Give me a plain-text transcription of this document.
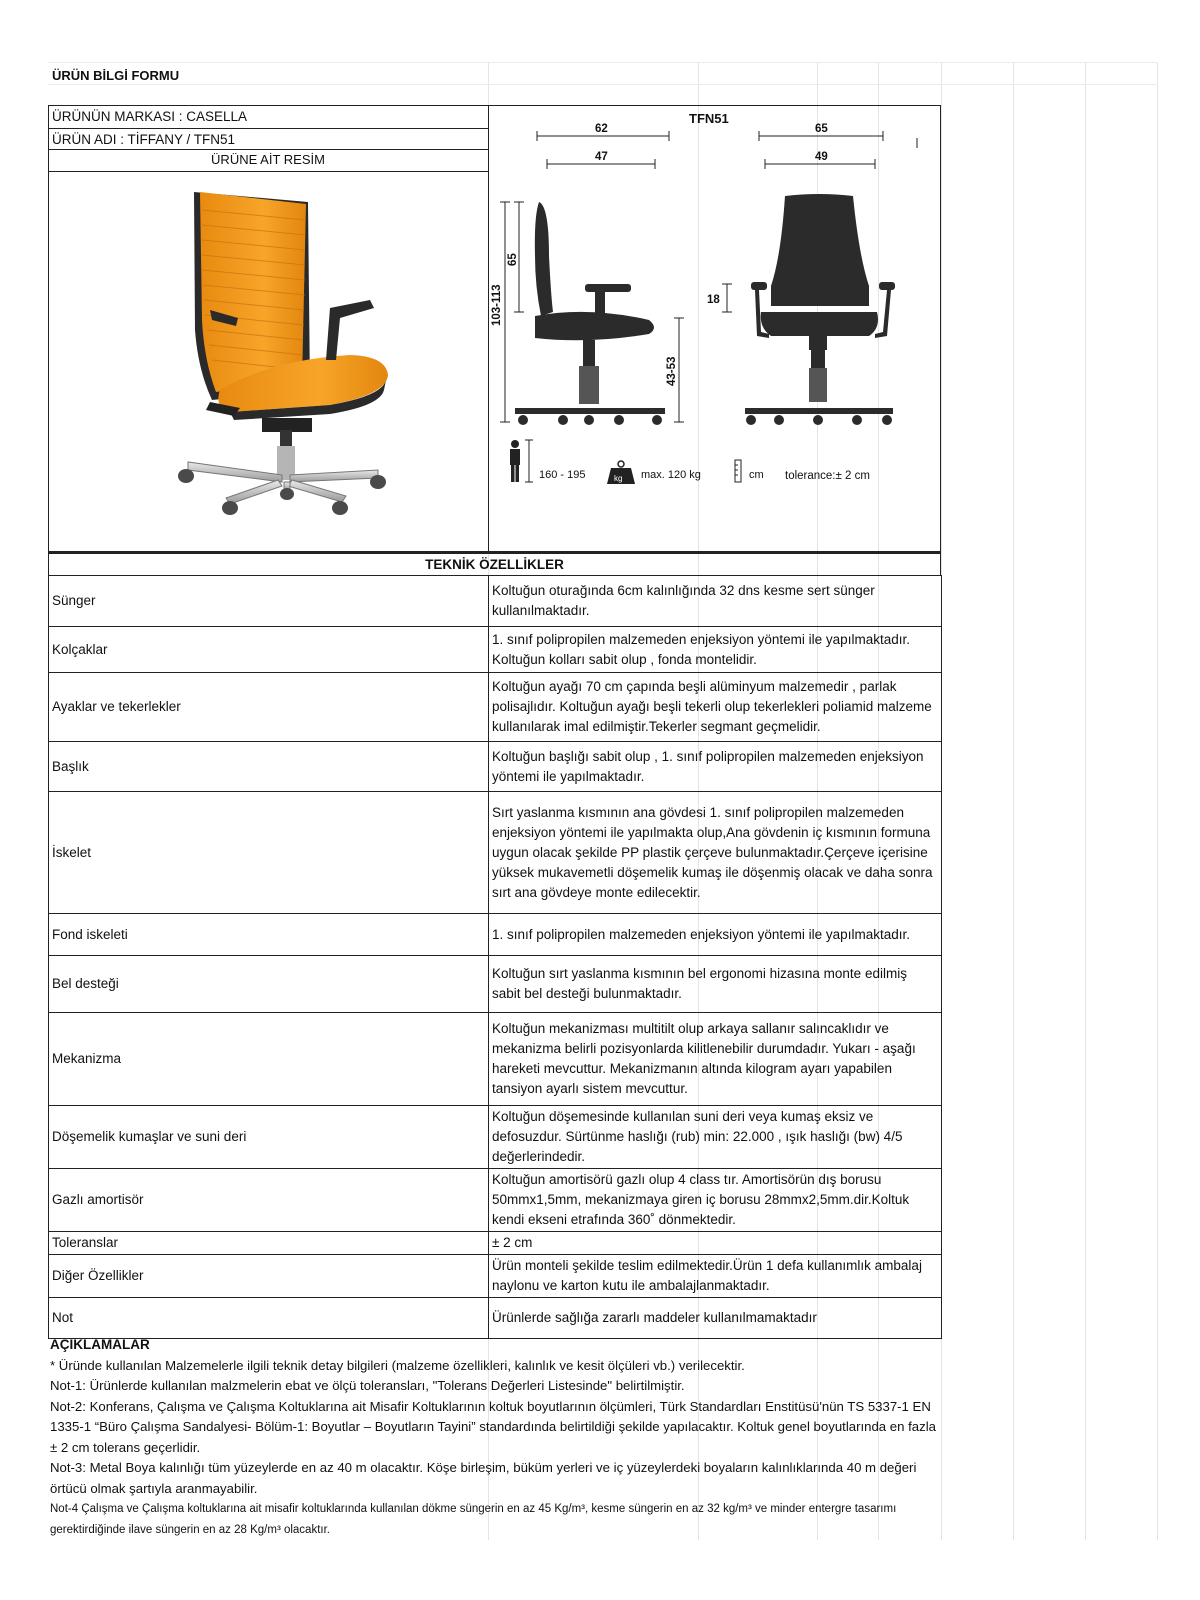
ÜRÜN BİLGİ FORMU
ÜRÜNÜN MARKASI : CASELLA
ÜRÜN ADI : TİFFANY / TFN51
ÜRÜNE AİT RESİM
TFN51
62
47
65
49
103-113
65
43-53
18
160 - 195	kg max. 120 kg	cm tolerance:± 2 cm
TEKNİK ÖZELLİKLER
Sünger	Koltuğun oturağında 6cm kalınlığında 32 dns kesme sert sünger kullanılmaktadır.
Kolçaklar	1. sınıf polipropilen malzemeden enjeksiyon yöntemi ile yapılmaktadır. Koltuğun kolları sabit olup , fonda montelidir.
Ayaklar ve tekerlekler	Koltuğun ayağı 70 cm çapında beşli alüminyum malzemedir , parlak polisajlıdır. Koltuğun ayağı beşli tekerli olup tekerlekleri poliamid malzeme kullanılarak imal edilmiştir.Tekerler segmant geçmelidir.
Başlık	Koltuğun başlığı sabit olup , 1. sınıf polipropilen malzemeden enjeksiyon yöntemi ile yapılmaktadır.
İskelet	Sırt yaslanma kısmının ana gövdesi 1. sınıf polipropilen malzemeden enjeksiyon yöntemi ile yapılmakta olup,Ana gövdenin iç kısmının formuna uygun olacak şekilde PP plastik çerçeve bulunmaktadır.Çerçeve içerisine yüksek mukavemetli döşemelik kumaş ile döşenmiş olacak ve daha sonra sırt ana gövdeye monte edilecektir.
Fond iskeleti	1. sınıf polipropilen malzemeden enjeksiyon yöntemi ile yapılmaktadır.
Bel desteği	Koltuğun sırt yaslanma kısmının bel ergonomi hizasına monte edilmiş sabit bel desteği bulunmaktadır.
Mekanizma	Koltuğun mekanizması multitilt olup arkaya sallanır salıncaklıdır ve mekanizma belirli pozisyonlarda kilitlenebilir durumdadır. Yukarı - aşağı hareketi mevcuttur. Mekanizmanın altında kilogram ayarı yapabilen tansiyon ayarlı sistem mevcuttur.
Döşemelik kumaşlar ve suni deri	Koltuğun döşemesinde kullanılan suni deri veya kumaş eksiz ve defosuzdur. Sürtünme haslığı (rub) min: 22.000 , ışık haslığı (bw) 4/5 değerlerindedir.
Gazlı amortisör	Koltuğun amortisörü gazlı olup 4 class tır. Amortisörün dış borusu 50mmx1,5mm, mekanizmaya giren iç borusu 28mmx2,5mm.dir.Koltuk kendi ekseni etrafında 360˚ dönmektedir.
Toleranslar	± 2 cm
Diğer Özellikler	Ürün monteli şekilde teslim edilmektedir.Ürün 1 defa kullanımlık ambalaj naylonu ve karton kutu ile ambalajlanmaktadır.
Not	Ürünlerde sağlığa zararlı maddeler kullanılmamaktadır
AÇIKLAMALAR
* Üründe kullanılan Malzemelerle ilgili teknik detay bilgileri (malzeme özellikleri, kalınlık ve kesit ölçüleri vb.) verilecektir.
Not-1: Ürünlerde kullanılan malzmelerin ebat ve ölçü toleransları, "Tolerans Değerleri Listesinde" belirtilmiştir.
Not-2: Konferans, Çalışma ve Çalışma Koltuklarına ait Misafir Koltuklarının koltuk boyutlarının ölçümleri, Türk Standardları Enstitüsü'nün TS 5337-1 EN 1335-1 “Büro Çalışma Sandalyesi- Bölüm-1: Boyutlar – Boyutların Tayini” standardında belirtildiği şekilde yapılacaktır. Koltuk genel boyutlarında en fazla ± 2 cm tolerans geçerlidir.
Not-3: Metal Boya kalınlığı tüm yüzeylerde en az 40 m olacaktır. Köşe birleşim, büküm yerleri ve iç yüzeylerdeki boyaların kalınlıklarında 40 m değeri örtücü olmak şartıyla aranmayabilir.
Not-4 Çalışma ve Çalışma koltuklarına ait misafir koltuklarında kullanılan dökme süngerin en az 45 Kg/m³, kesme süngerin en az 32 kg/m³ ve minder entergre tasarımı gerektirdiğinde ilave süngerin en az 28 Kg/m³ olacaktır.
